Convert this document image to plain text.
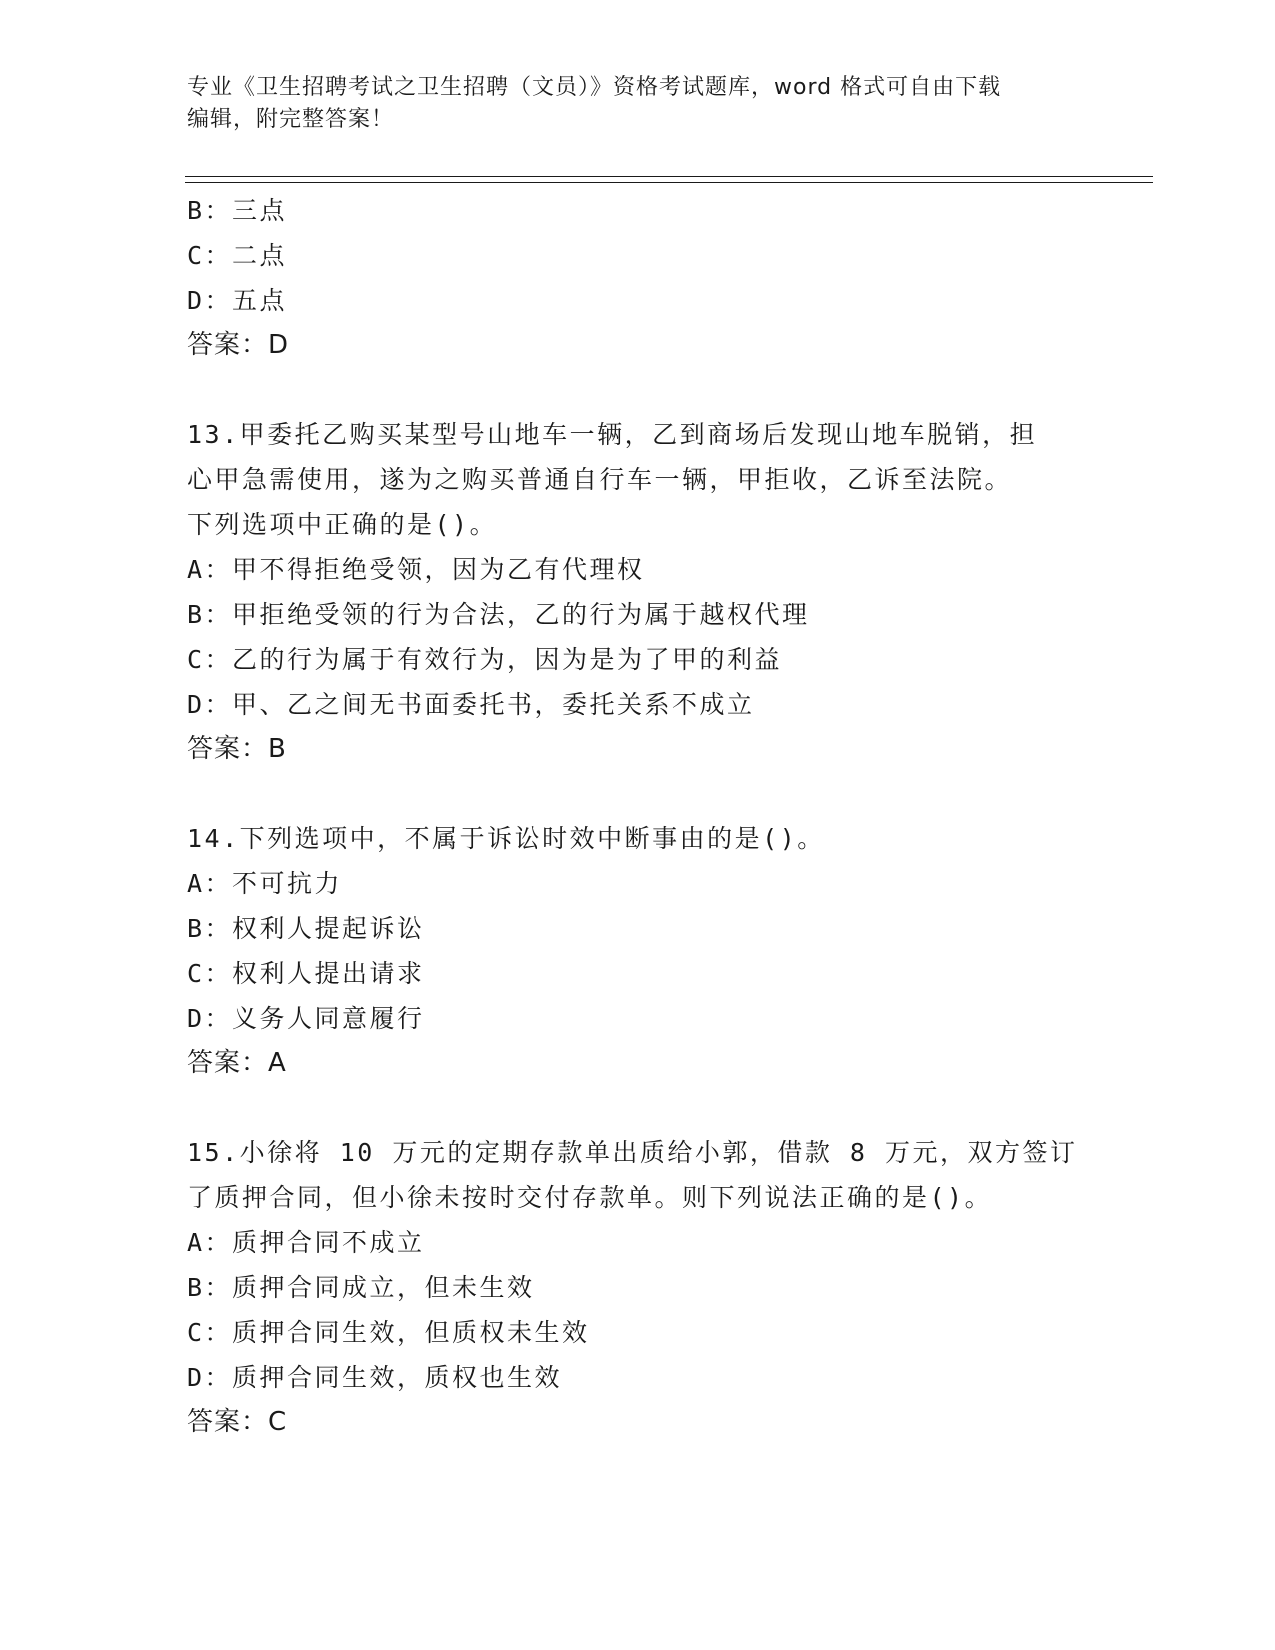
专业《卫生招聘考试之卫生招聘（文员）》资格考试题库，word 格式可自由下载
编辑，附完整答案！
B：三点
C：二点
D：五点
答案：D
13.甲委托乙购买某型号山地车一辆，乙到商场后发现山地车脱销，担
心甲急需使用，遂为之购买普通自行车一辆，甲拒收，乙诉至法院。
下列选项中正确的是()。
A：甲不得拒绝受领，因为乙有代理权
B：甲拒绝受领的行为合法，乙的行为属于越权代理
C：乙的行为属于有效行为，因为是为了甲的利益
D：甲、乙之间无书面委托书，委托关系不成立
答案：B
14.下列选项中，不属于诉讼时效中断事由的是()。
A：不可抗力
B：权利人提起诉讼
C：权利人提出请求
D：义务人同意履行
答案：A
15.小徐将 10 万元的定期存款单出质给小郭，借款 8 万元，双方签订
了质押合同，但小徐未按时交付存款单。则下列说法正确的是()。
A：质押合同不成立
B：质押合同成立，但未生效
C：质押合同生效，但质权未生效
D：质押合同生效，质权也生效
答案：C
